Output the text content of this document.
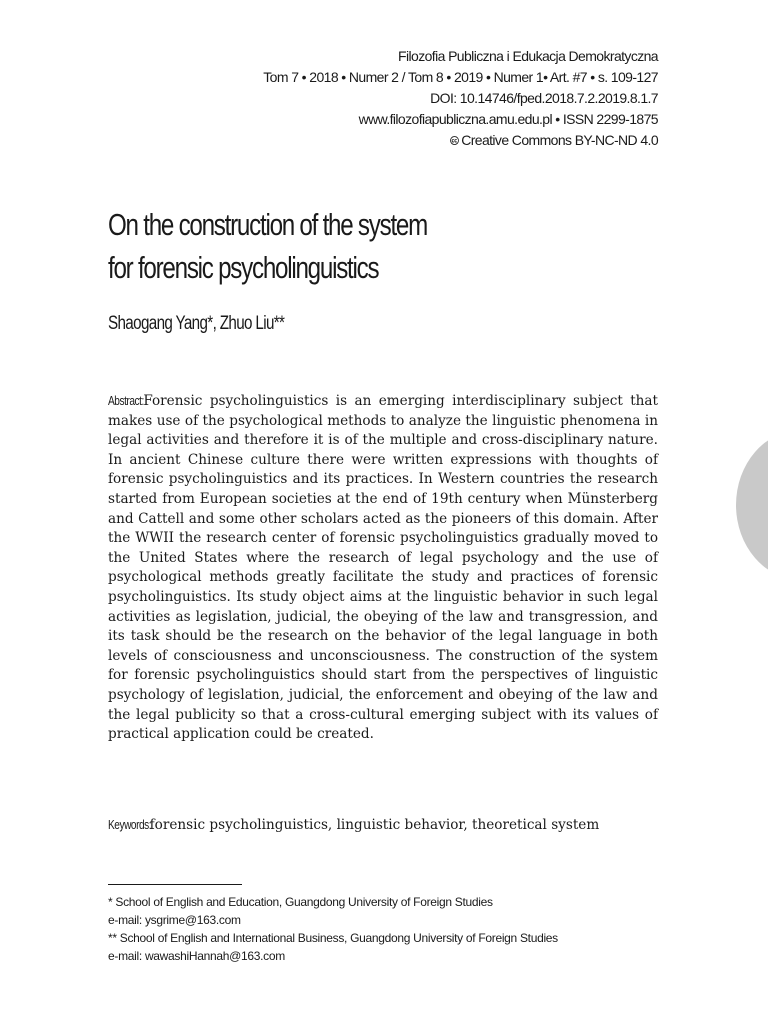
Filozofia Publiczna i Edukacja Demokratyczna
Tom 7 • 2018 • Numer 2 / Tom 8 • 2019 • Numer 1• Art. #7 • s. 109-127
DOI: 10.14746/fped.2018.7.2.2019.8.1.7
www.filozofiapubliczna.amu.edu.pl • ISSN 2299-1875
🅭 Creative Commons BY-NC-ND 4.0
On the construction of the system
for forensic psycholinguistics
Shaogang Yang*, Zhuo Liu**
Abstract: Forensic psycholinguistics is an emerging interdisciplinary subject that makes use of the psychological methods to analyze the linguistic phenomena in legal activities and therefore it is of the multiple and cross-disciplinary nature. In ancient Chinese culture there were written expressions with thoughts of forensic psycholinguistics and its practices. In Western countries the research started from European societies at the end of 19th century when Münsterberg and Cattell and some other scholars acted as the pioneers of this domain. After the WWII the research center of forensic psycholinguistics gradually moved to the United States where the research of legal psychology and the use of psychological methods greatly facilitate the study and practices of forensic psycholinguistics. Its study object aims at the linguistic behavior in such legal activities as legislation, judicial, the obeying of the law and transgression, and its task should be the research on the behavior of the legal language in both levels of consciousness and unconsciousness. The construction of the system for forensic psycholinguistics should start from the perspectives of linguistic psychology of legislation, judicial, the enforcement and obeying of the law and the legal publicity so that a cross-cultural emerging subject with its values of practical application could be created.
Keywords: forensic psycholinguistics, linguistic behavior, theoretical system
* School of English and Education, Guangdong University of Foreign Studies
e-mail: ysgrime@163.com
** School of English and International Business, Guangdong University of Foreign Studies
e-mail: wawashiHannah@163.com
